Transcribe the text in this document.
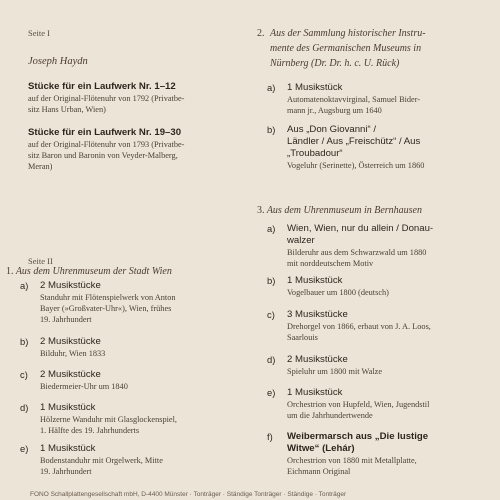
Seite I
Joseph Haydn
Stücke für ein Laufwerk Nr. 1–12
auf der Original-Flötenuhr von 1792 (Privatbe-
sitz Hans Urban, Wien)
Stücke für ein Laufwerk Nr. 19–30
auf der Original-Flötenuhr von 1793 (Privatbe-
sitz Baron und Baronin von Veyder-Malberg,
Meran)
Seite II
1. Aus dem Uhrenmuseum der Stadt Wien
a)	2 Musikstücke
Standuhr mit Flötenspielwerk von Anton
Bayer (»Großvater-Uhr«), Wien, frühes
19. Jahrhundert
b)	2 Musikstücke
Bilduhr, Wien 1833
c)	2 Musikstücke
Biedermeier-Uhr um 1840
d)	1 Musikstück
Hölzerne Wanduhr mit Glasglockenspiel,
1. Hälfte des 19. Jahrhunderts
e)	1 Musikstück
Bodenstanduhr mit Orgelwerk, Mitte
19. Jahrhundert
2. Aus der Sammlung historischer Instru-
mente des Germanischen Museums in
Nürnberg (Dr. Dr. h. c. U. Rück)
a)	1 Musikstück
Automatenoktavvirginal, Samuel Bider-
mann jr., Augsburg um 1640
b)	Aus „Don Giovanni“ /
Ländler / Aus „Freischütz“ / Aus
„Troubadour“
Vogeluhr (Serinette), Österreich um 1860
3. Aus dem Uhrenmuseum in Bernhausen
a)	Wien, Wien, nur du allein / Donau-
walzer
Bilderuhr aus dem Schwarzwald um 1880
mit norddeutschem Motiv
b)	1 Musikstück
Vogelbauer um 1800 (deutsch)
c)	3 Musikstücke
Drehorgel von 1866, erbaut von J. A. Loos,
Saarlouis
d)	2 Musikstücke
Spieluhr um 1800 mit Walze
e)	1 Musikstück
Orchestrion von Hupfeld, Wien, Jugendstil
um die Jahrhundertwende
f)	Weibermarsch aus „Die lustige
Witwe“ (Lehár)
Orchestrion von 1880 mit Metallplatte,
Eichmann Original
FONO Schallplattengesellschaft mbH, D-4400 Münster · Tonträger · Ständige Tonträger · Ständige · Tonträger
